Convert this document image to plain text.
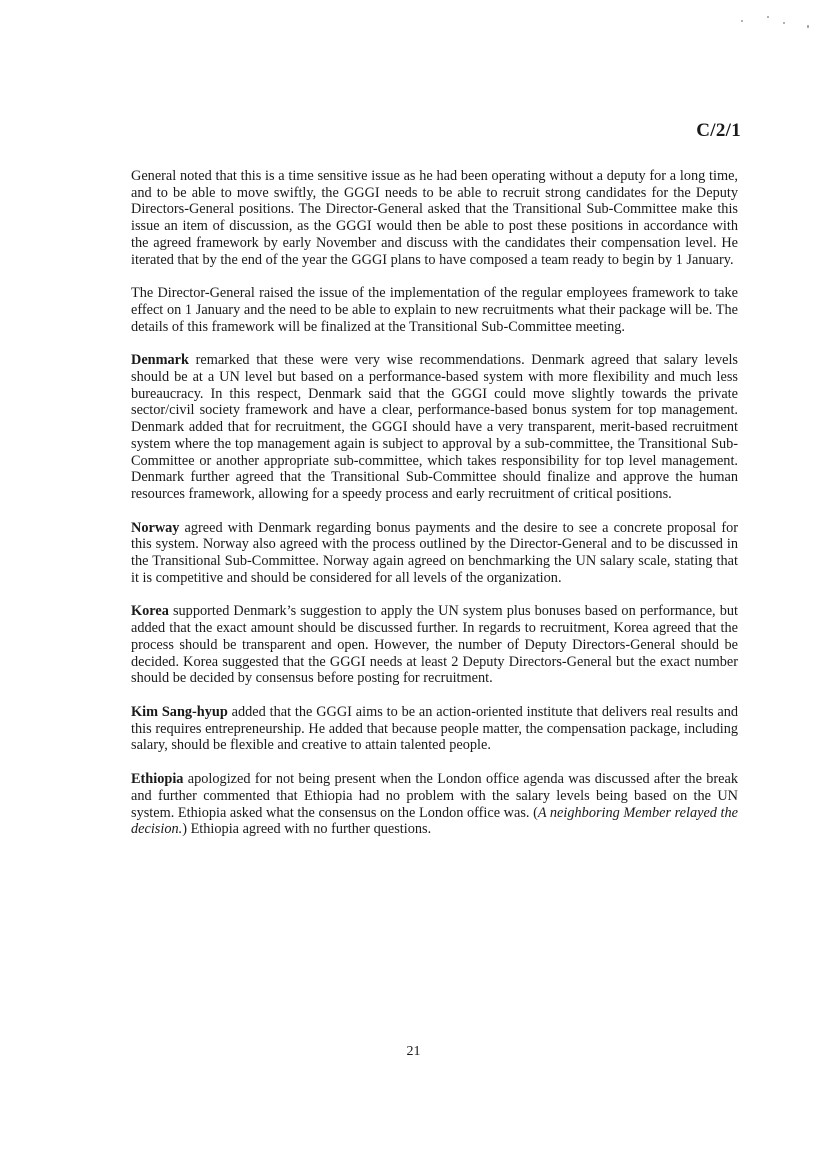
C/2/1

General noted that this is a time sensitive issue as he had been operating without a deputy for a long time, and to be able to move swiftly, the GGGI needs to be able to recruit strong candidates for the Deputy Directors-General positions. The Director-General asked that the Transitional Sub-Committee make this issue an item of discussion, as the GGGI would then be able to post these positions in accordance with the agreed framework by early November and discuss with the candidates their compensation level. He iterated that by the end of the year the GGGI plans to have composed a team ready to begin by 1 January.

The Director-General raised the issue of the implementation of the regular employees framework to take effect on 1 January and the need to be able to explain to new recruitments what their package will be. The details of this framework will be finalized at the Transitional Sub-Committee meeting.

Denmark remarked that these were very wise recommendations. Denmark agreed that salary levels should be at a UN level but based on a performance-based system with more flexibility and much less bureaucracy. In this respect, Denmark said that the GGGI could move slightly towards the private sector/civil society framework and have a clear, performance-based bonus system for top management. Denmark added that for recruitment, the GGGI should have a very transparent, merit-based recruitment system where the top management again is subject to approval by a sub-committee, the Transitional Sub-Committee or another appropriate sub-committee, which takes responsibility for top level management. Denmark further agreed that the Transitional Sub-Committee should finalize and approve the human resources framework, allowing for a speedy process and early recruitment of critical positions.

Norway agreed with Denmark regarding bonus payments and the desire to see a concrete proposal for this system. Norway also agreed with the process outlined by the Director-General and to be discussed in the Transitional Sub-Committee. Norway again agreed on benchmarking the UN salary scale, stating that it is competitive and should be considered for all levels of the organization.

Korea supported Denmark’s suggestion to apply the UN system plus bonuses based on performance, but added that the exact amount should be discussed further. In regards to recruitment, Korea agreed that the process should be transparent and open. However, the number of Deputy Directors-General should be decided. Korea suggested that the GGGI needs at least 2 Deputy Directors-General but the exact number should be decided by consensus before posting for recruitment.

Kim Sang-hyup added that the GGGI aims to be an action-oriented institute that delivers real results and this requires entrepreneurship. He added that because people matter, the compensation package, including salary, should be flexible and creative to attain talented people.

Ethiopia apologized for not being present when the London office agenda was discussed after the break and further commented that Ethiopia had no problem with the salary levels being based on the UN system. Ethiopia asked what the consensus on the London office was. (A neighboring Member relayed the decision.) Ethiopia agreed with no further questions.

21
